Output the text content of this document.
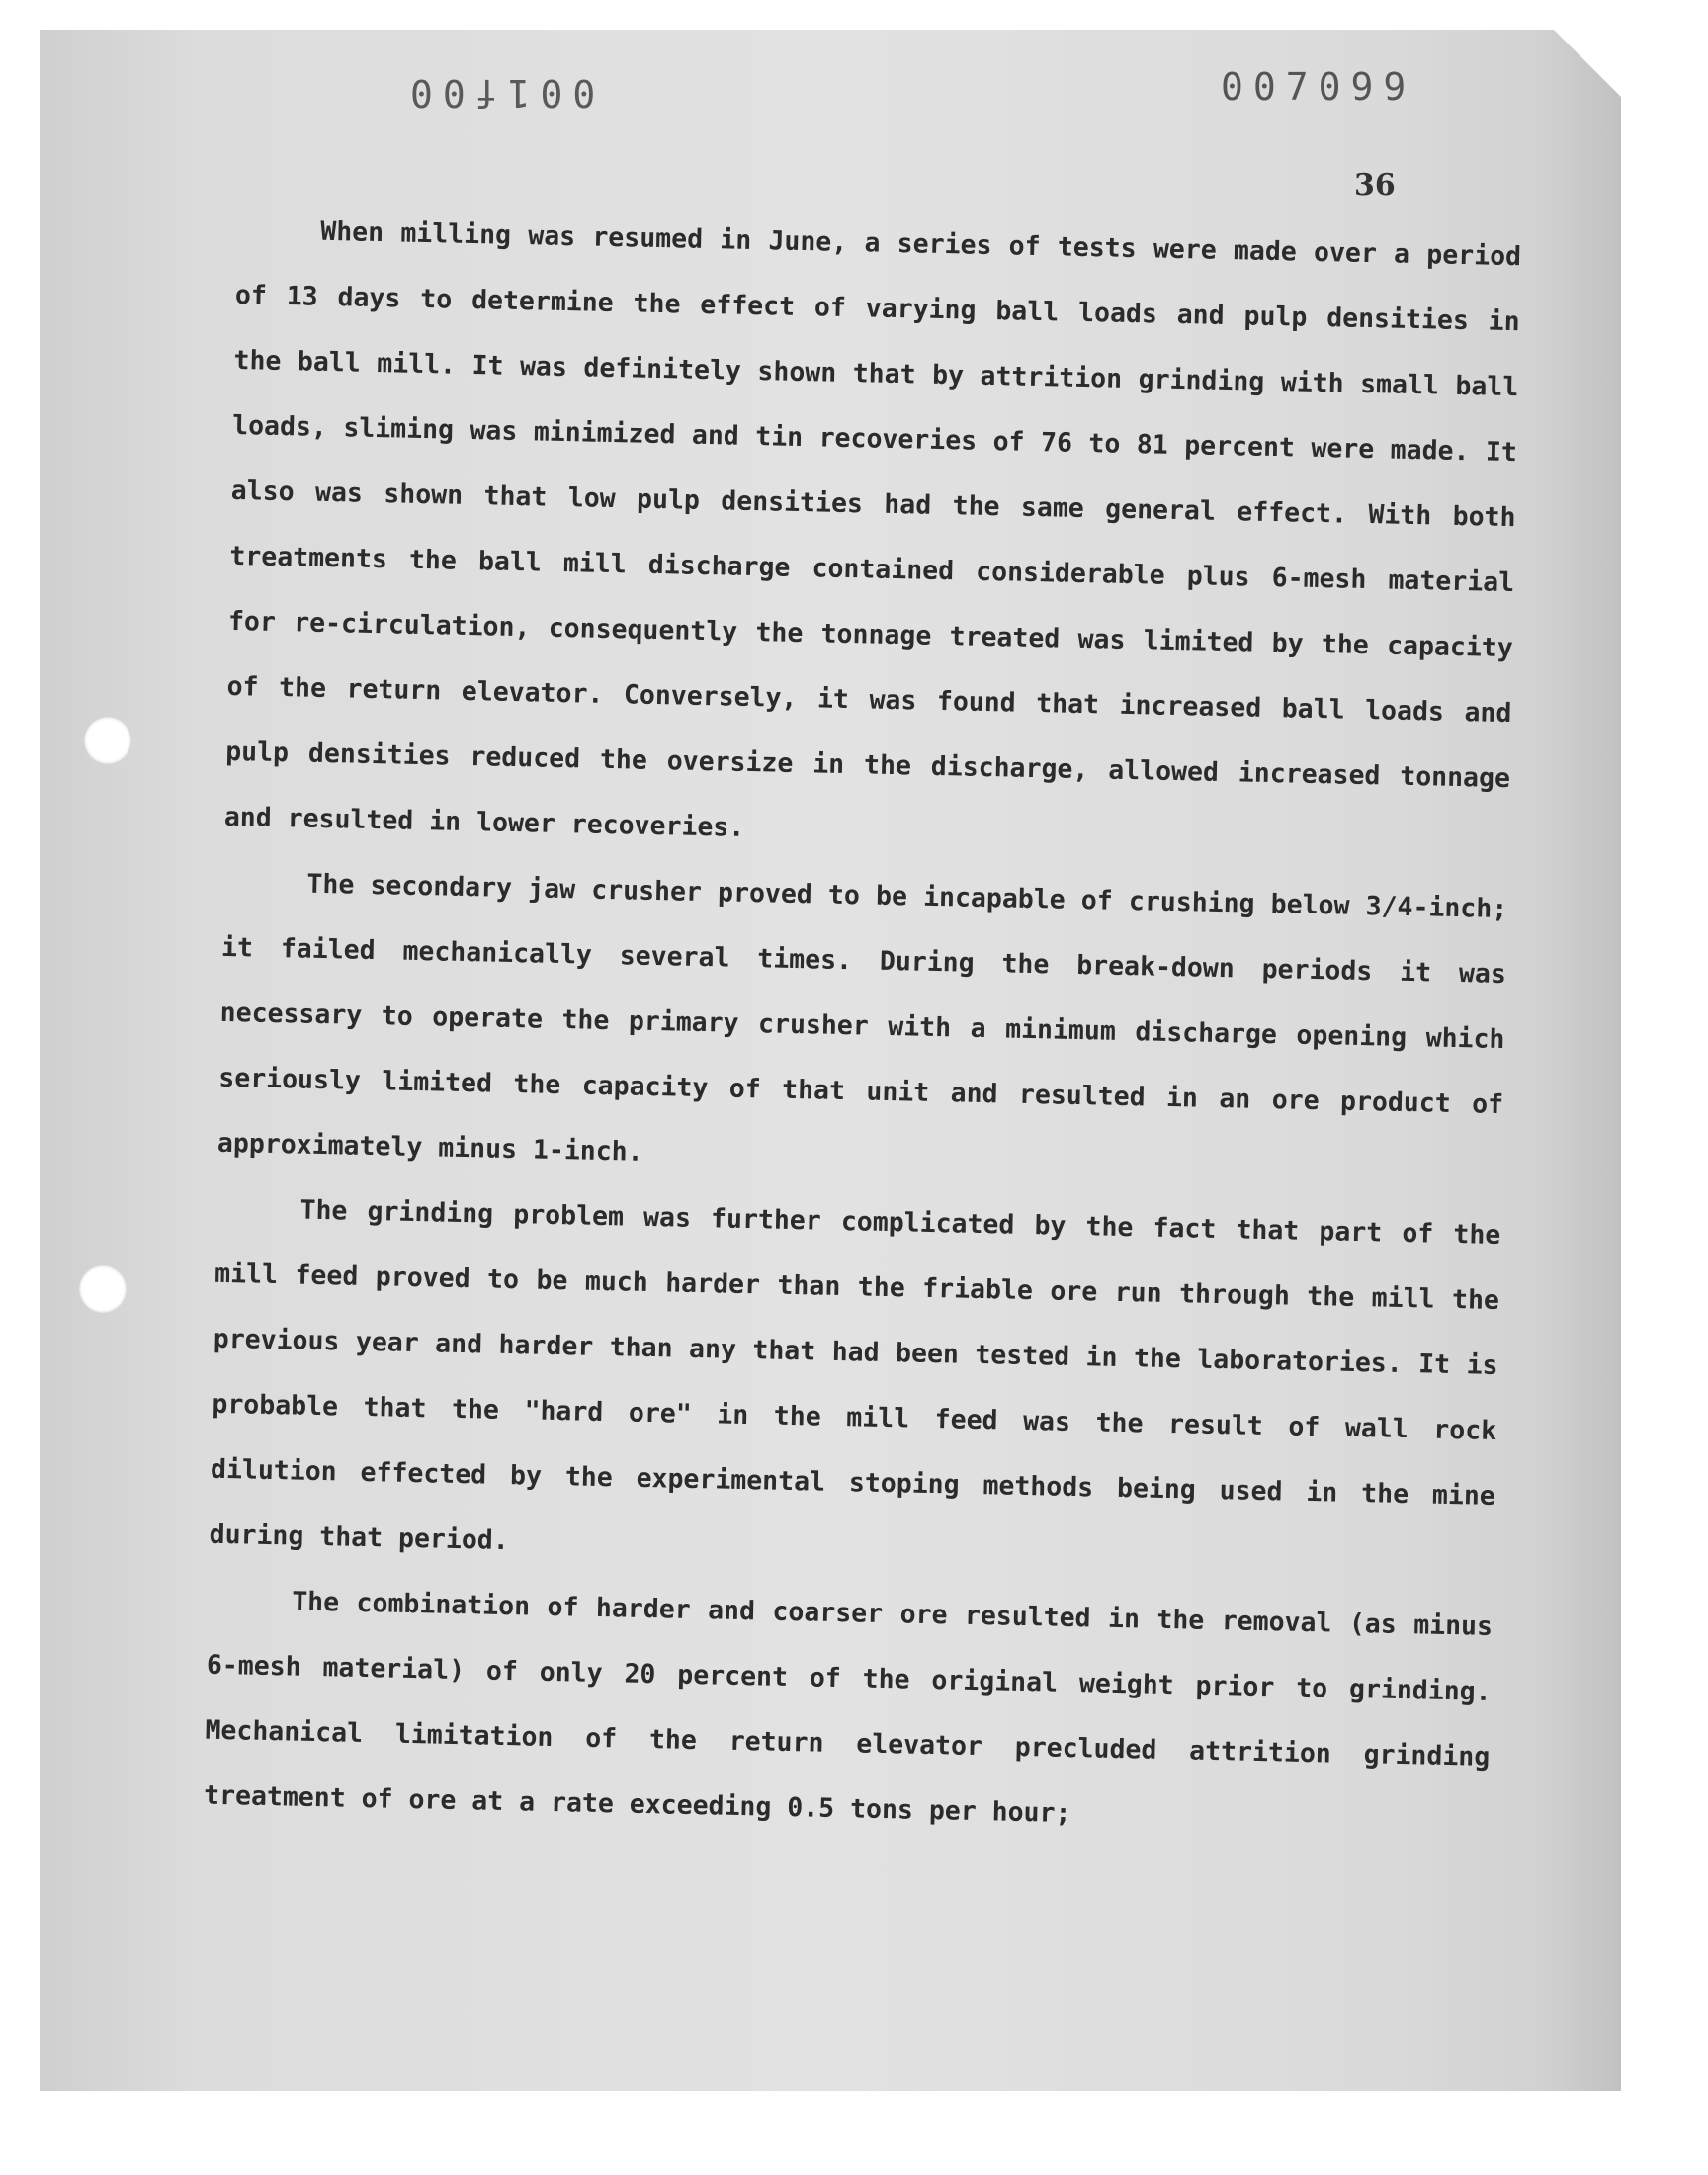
001f00	007099
36

When milling was resumed in June, a series of tests were made over a period of 13 days to determine the effect of varying ball loads and pulp densities in the ball mill. It was definitely shown that by attrition grinding with small ball loads, sliming was minimized and tin recoveries of 76 to 81 percent were made. It also was shown that low pulp densities had the same general effect. With both treatments the ball mill discharge contained considerable plus 6-mesh material for re-circulation, consequently the tonnage treated was limited by the capacity of the return elevator. Conversely, it was found that increased ball loads and pulp densities reduced the oversize in the discharge, allowed increased tonnage and resulted in lower recoveries.

The secondary jaw crusher proved to be incapable of crushing below 3/4-inch; it failed mechanically several times. During the break-down periods it was necessary to operate the primary crusher with a minimum discharge opening which seriously limited the capacity of that unit and resulted in an ore product of approximately minus 1-inch.

The grinding problem was further complicated by the fact that part of the mill feed proved to be much harder than the friable ore run through the mill the previous year and harder than any that had been tested in the laboratories. It is probable that the "hard ore" in the mill feed was the result of wall rock dilution effected by the experimental stoping methods being used in the mine during that period.

The combination of harder and coarser ore resulted in the removal (as minus 6-mesh material) of only 20 percent of the original weight prior to grinding. Mechanical limitation of the return elevator precluded attrition grinding treatment of ore at a rate exceeding 0.5 tons per hour;
